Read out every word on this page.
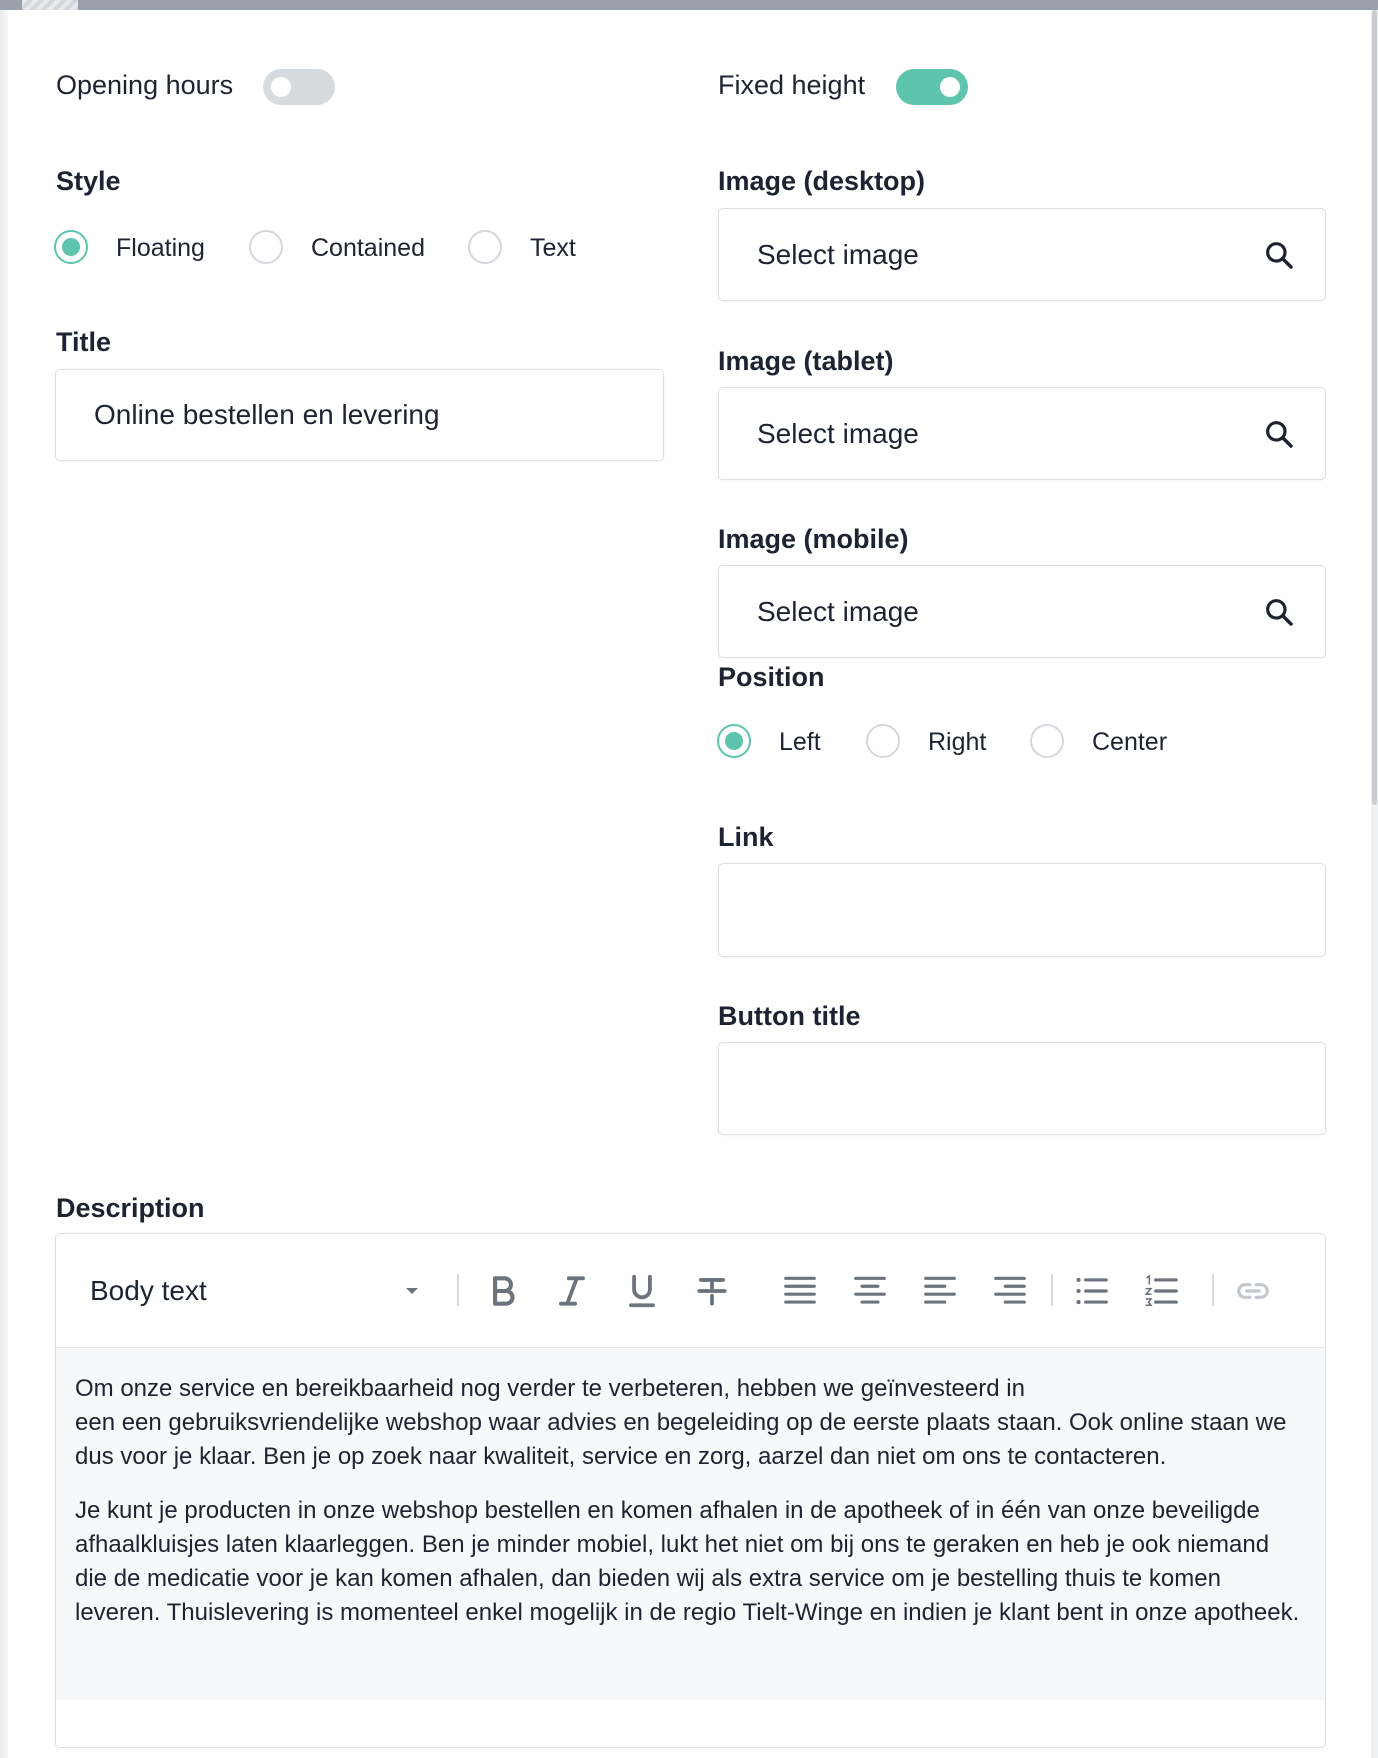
Opening hours	Fixed height
Style
Floating	Contained	Text
Title
Online bestellen en levering
Image (desktop)
Select image
Image (tablet)
Select image
Image (mobile)
Select image
Position
Left	Right	Center
Link
Button title
Description
Body text

Om onze service en bereikbaarheid nog verder te verbeteren, hebben we geïnvesteerd in
een een gebruiksvriendelijke webshop waar advies en begeleiding op de eerste plaats staan. Ook online staan we dus voor je klaar. Ben je op zoek naar kwaliteit, service en zorg, aarzel dan niet om ons te contacteren.

Je kunt je producten in onze webshop bestellen en komen afhalen in de apotheek of in één van onze beveiligde afhaalkluisjes laten klaarleggen. Ben je minder mobiel, lukt het niet om bij ons te geraken en heb je ook niemand die de medicatie voor je kan komen afhalen, dan bieden wij als extra service om je bestelling thuis te komen leveren. Thuislevering is momenteel enkel mogelijk in de regio Tielt-Winge en indien je klant bent in onze apotheek.
